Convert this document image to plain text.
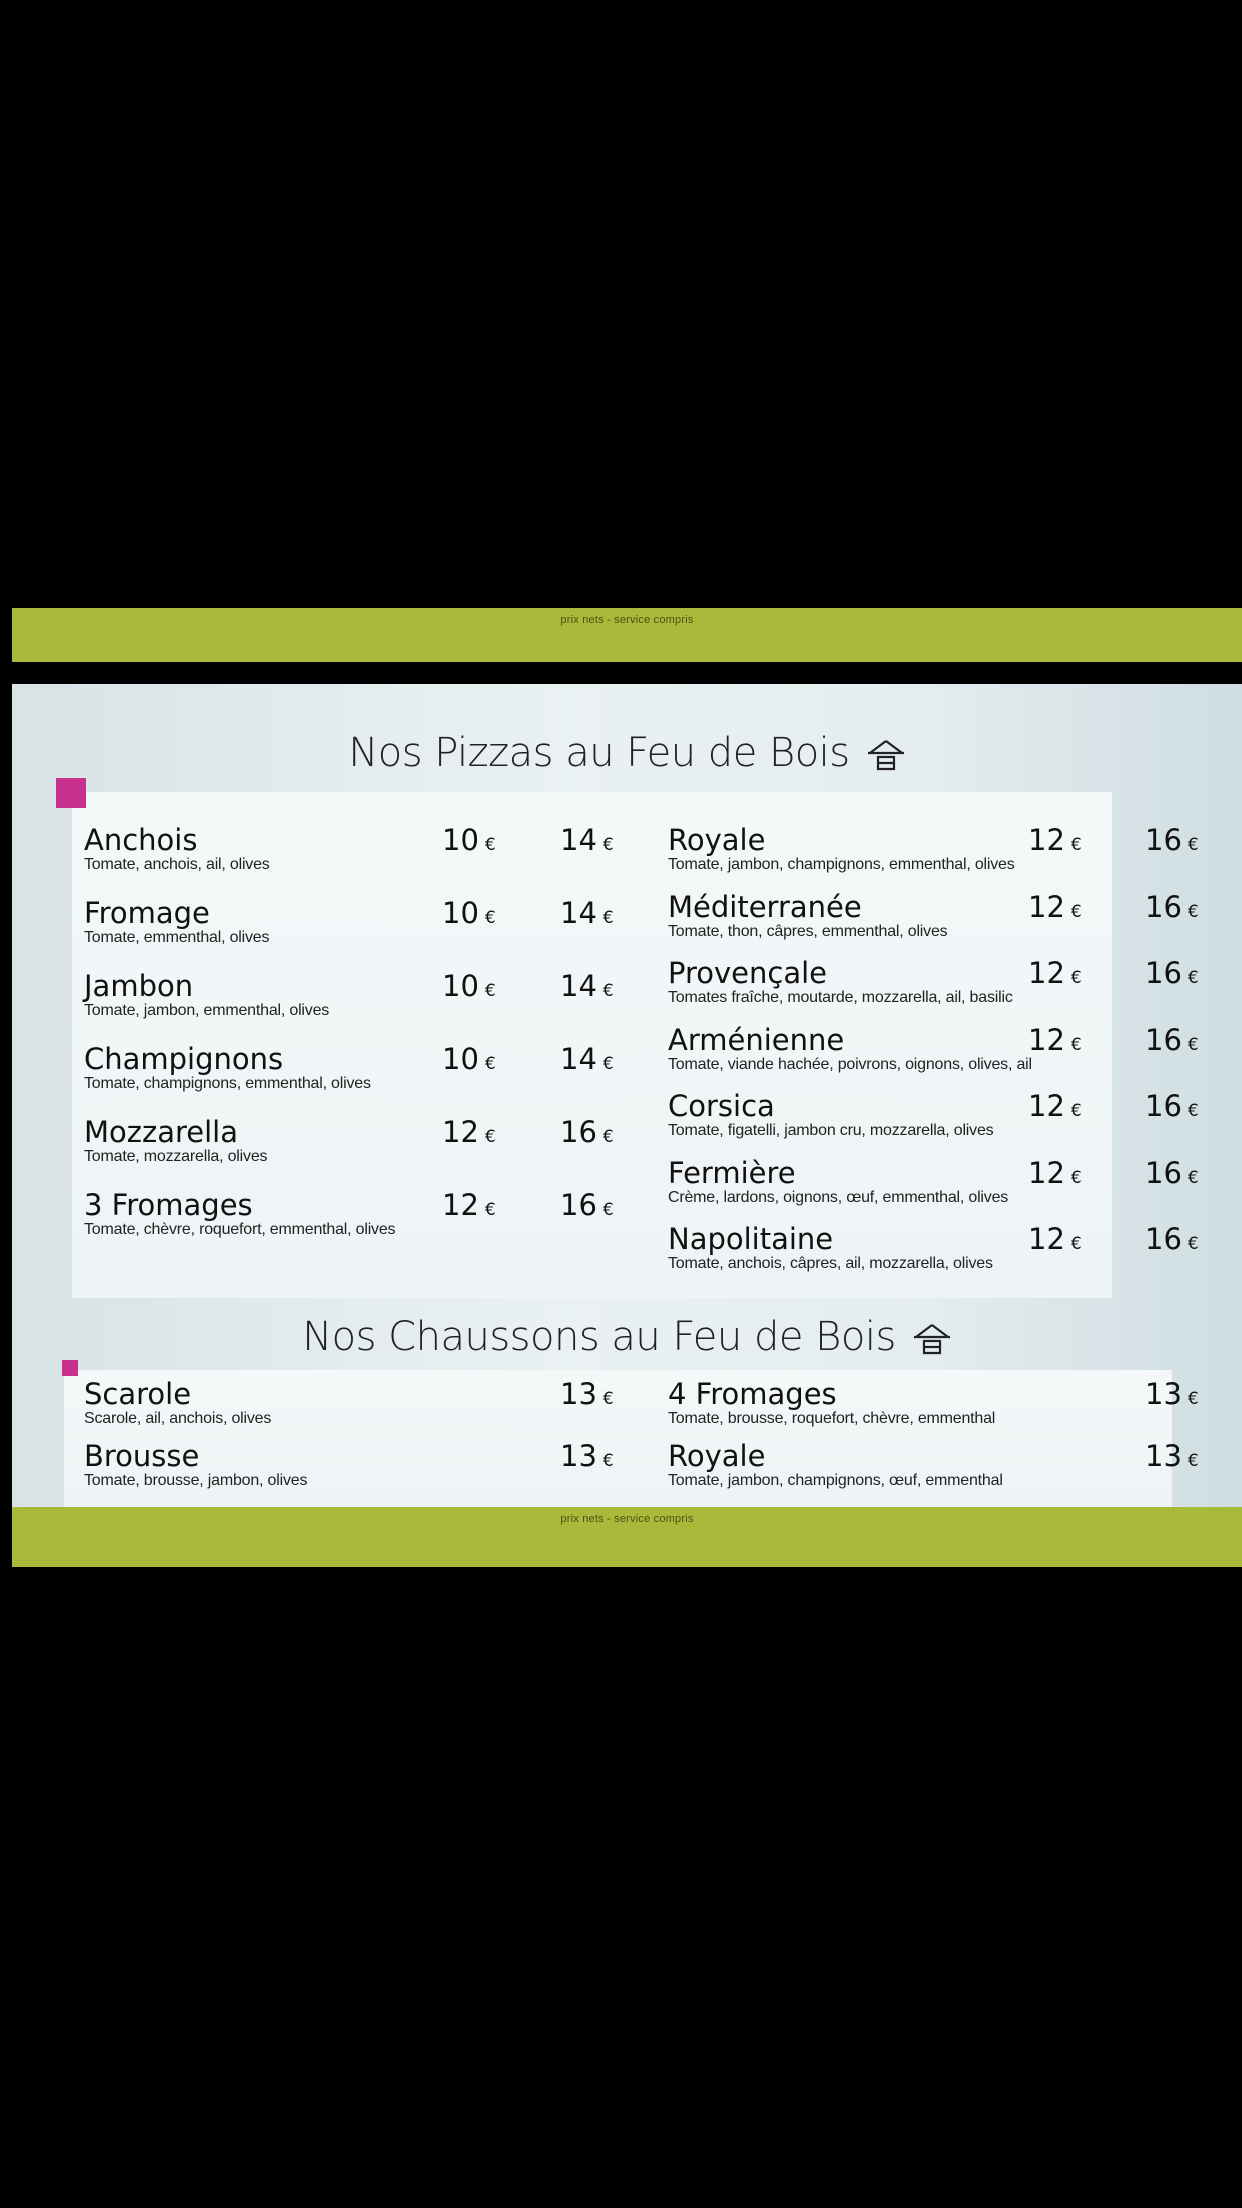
prix nets - service compris
Nos Pizzas au Feu de Bois
Nos Chaussons au Feu de Bois
Anchois
Tomate, anchois, ail, olives
10 € 14 €
Fromage
Tomate, emmenthal, olives
10 € 14 €
Jambon
Tomate, jambon, emmenthal, olives
10 € 14 €
Champignons
Tomate, champignons, emmenthal, olives
10 € 14 €
Mozzarella
Tomate, mozzarella, olives
12 € 16 €
3 Fromages
Tomate, chèvre, roquefort, emmenthal, olives
12 € 16 €
Royale
Tomate, jambon, champignons, emmenthal, olives
12 € 16 €
Méditerranée
Tomate, thon, câpres, emmenthal, olives
12 € 16 €
Provençale
Tomates fraîche, moutarde, mozzarella, ail, basilic
12 € 16 €
Arménienne
Tomate, viande hachée, poivrons, oignons, olives, ail
12 € 16 €
Corsica
Tomate, figatelli, jambon cru, mozzarella, olives
12 € 16 €
Fermière
Crème, lardons, oignons, œuf, emmenthal, olives
12 € 16 €
Napolitaine
Tomate, anchois, câpres, ail, mozzarella, olives
12 € 16 €
Scarole
Scarole, ail, anchois, olives
13 €
Brousse
Tomate, brousse, jambon, olives
13 €
4 Fromages
Tomate, brousse, roquefort, chèvre, emmenthal
13 €
Royale
Tomate, jambon, champignons, œuf, emmenthal
13 €
prix nets - service compris
